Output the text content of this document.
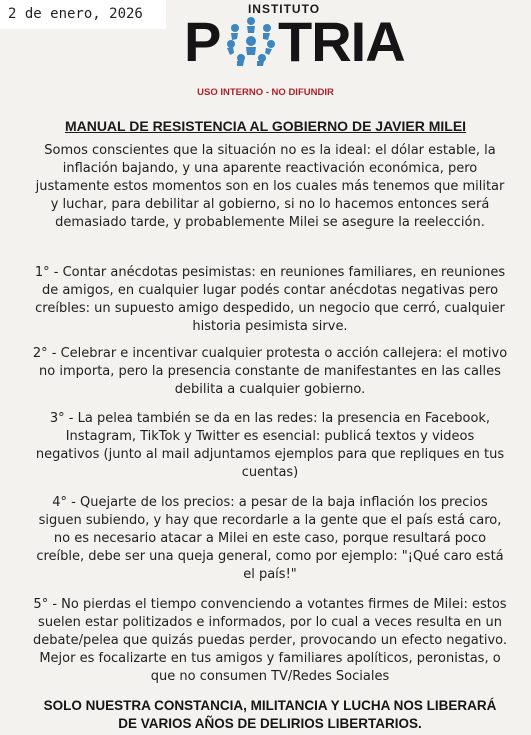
2 de enero, 2026	INSTITUTO
P TRIA
USO INTERNO - NO DIFUNDIR
MANUAL DE RESISTENCIA AL GOBIERNO DE JAVIER MILEI
Somos conscientes que la situación no es la ideal: el dólar estable, la inflación bajando, y una aparente reactivación económica, pero justamente estos momentos son en los cuales más tenemos que militar y luchar, para debilitar al gobierno, si no lo hacemos entonces será demasiado tarde, y probablemente Milei se asegure la reelección.
1° - Contar anécdotas pesimistas: en reuniones familiares, en reuniones de amigos, en cualquier lugar podés contar anécdotas negativas pero creíbles: un supuesto amigo despedido, un negocio que cerró, cualquier historia pesimista sirve.
2° - Celebrar e incentivar cualquier protesta o acción callejera: el motivo no importa, pero la presencia constante de manifestantes en las calles debilita a cualquier gobierno.
3° - La pelea también se da en las redes: la presencia en Facebook, Instagram, TikTok y Twitter es esencial: publicá textos y videos negativos (junto al mail adjuntamos ejemplos para que repliques en tus cuentas)
4° - Quejarte de los precios: a pesar de la baja inflación los precios siguen subiendo, y hay que recordarle a la gente que el país está caro, no es necesario atacar a Milei en este caso, porque resultará poco creíble, debe ser una queja general, como por ejemplo: "¡Qué caro está el país!"
5° - No pierdas el tiempo convenciendo a votantes firmes de Milei: estos suelen estar politizados e informados, por lo cual a veces resulta en un debate/pelea que quizás puedas perder, provocando un efecto negativo. Mejor es focalizarte en tus amigos y familiares apolíticos, peronistas, o que no consumen TV/Redes Sociales
SOLO NUESTRA CONSTANCIA, MILITANCIA Y LUCHA NOS LIBERARÁ DE VARIOS AÑOS DE DELIRIOS LIBERTARIOS.
